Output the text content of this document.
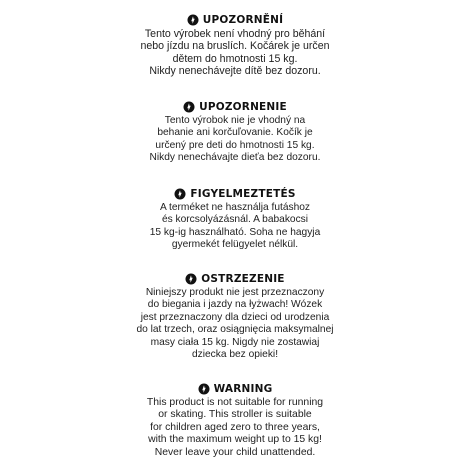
UPOZORNĚNÍ
Tento výrobek není vhodný pro běhání
nebo jízdu na bruslích. Kočárek je určen
dětem do hmotnosti 15 kg.
Nikdy nenechávejte dítě bez dozoru.
UPOZORNENIE
Tento výrobok nie je vhodný na
behanie ani korčuľovanie. Kočík je
určený pre deti do hmotnosti 15 kg.
Nikdy nenechávajte dieťa bez dozoru.
FIGYELMEZTETÉS
A terméket ne használja futáshoz
és korcsolyázásnál. A babakocsi
15 kg-ig használható. Soha ne hagyja
gyermekét felügyelet nélkül.
OSTRZEZENIE
Niniejszy produkt nie jest przeznaczony
do biegania i jazdy na łyżwach! Wózek
jest przeznaczony dla dzieci od urodzenia
do lat trzech, oraz osiągnięcia maksymalnej
masy ciała 15 kg. Nigdy nie zostawiaj
dziecka bez opieki!
WARNING
This product is not suitable for running
or skating. This stroller is suitable
for children aged zero to three years,
with the maximum weight up to 15 kg!
Never leave your child unattended.
